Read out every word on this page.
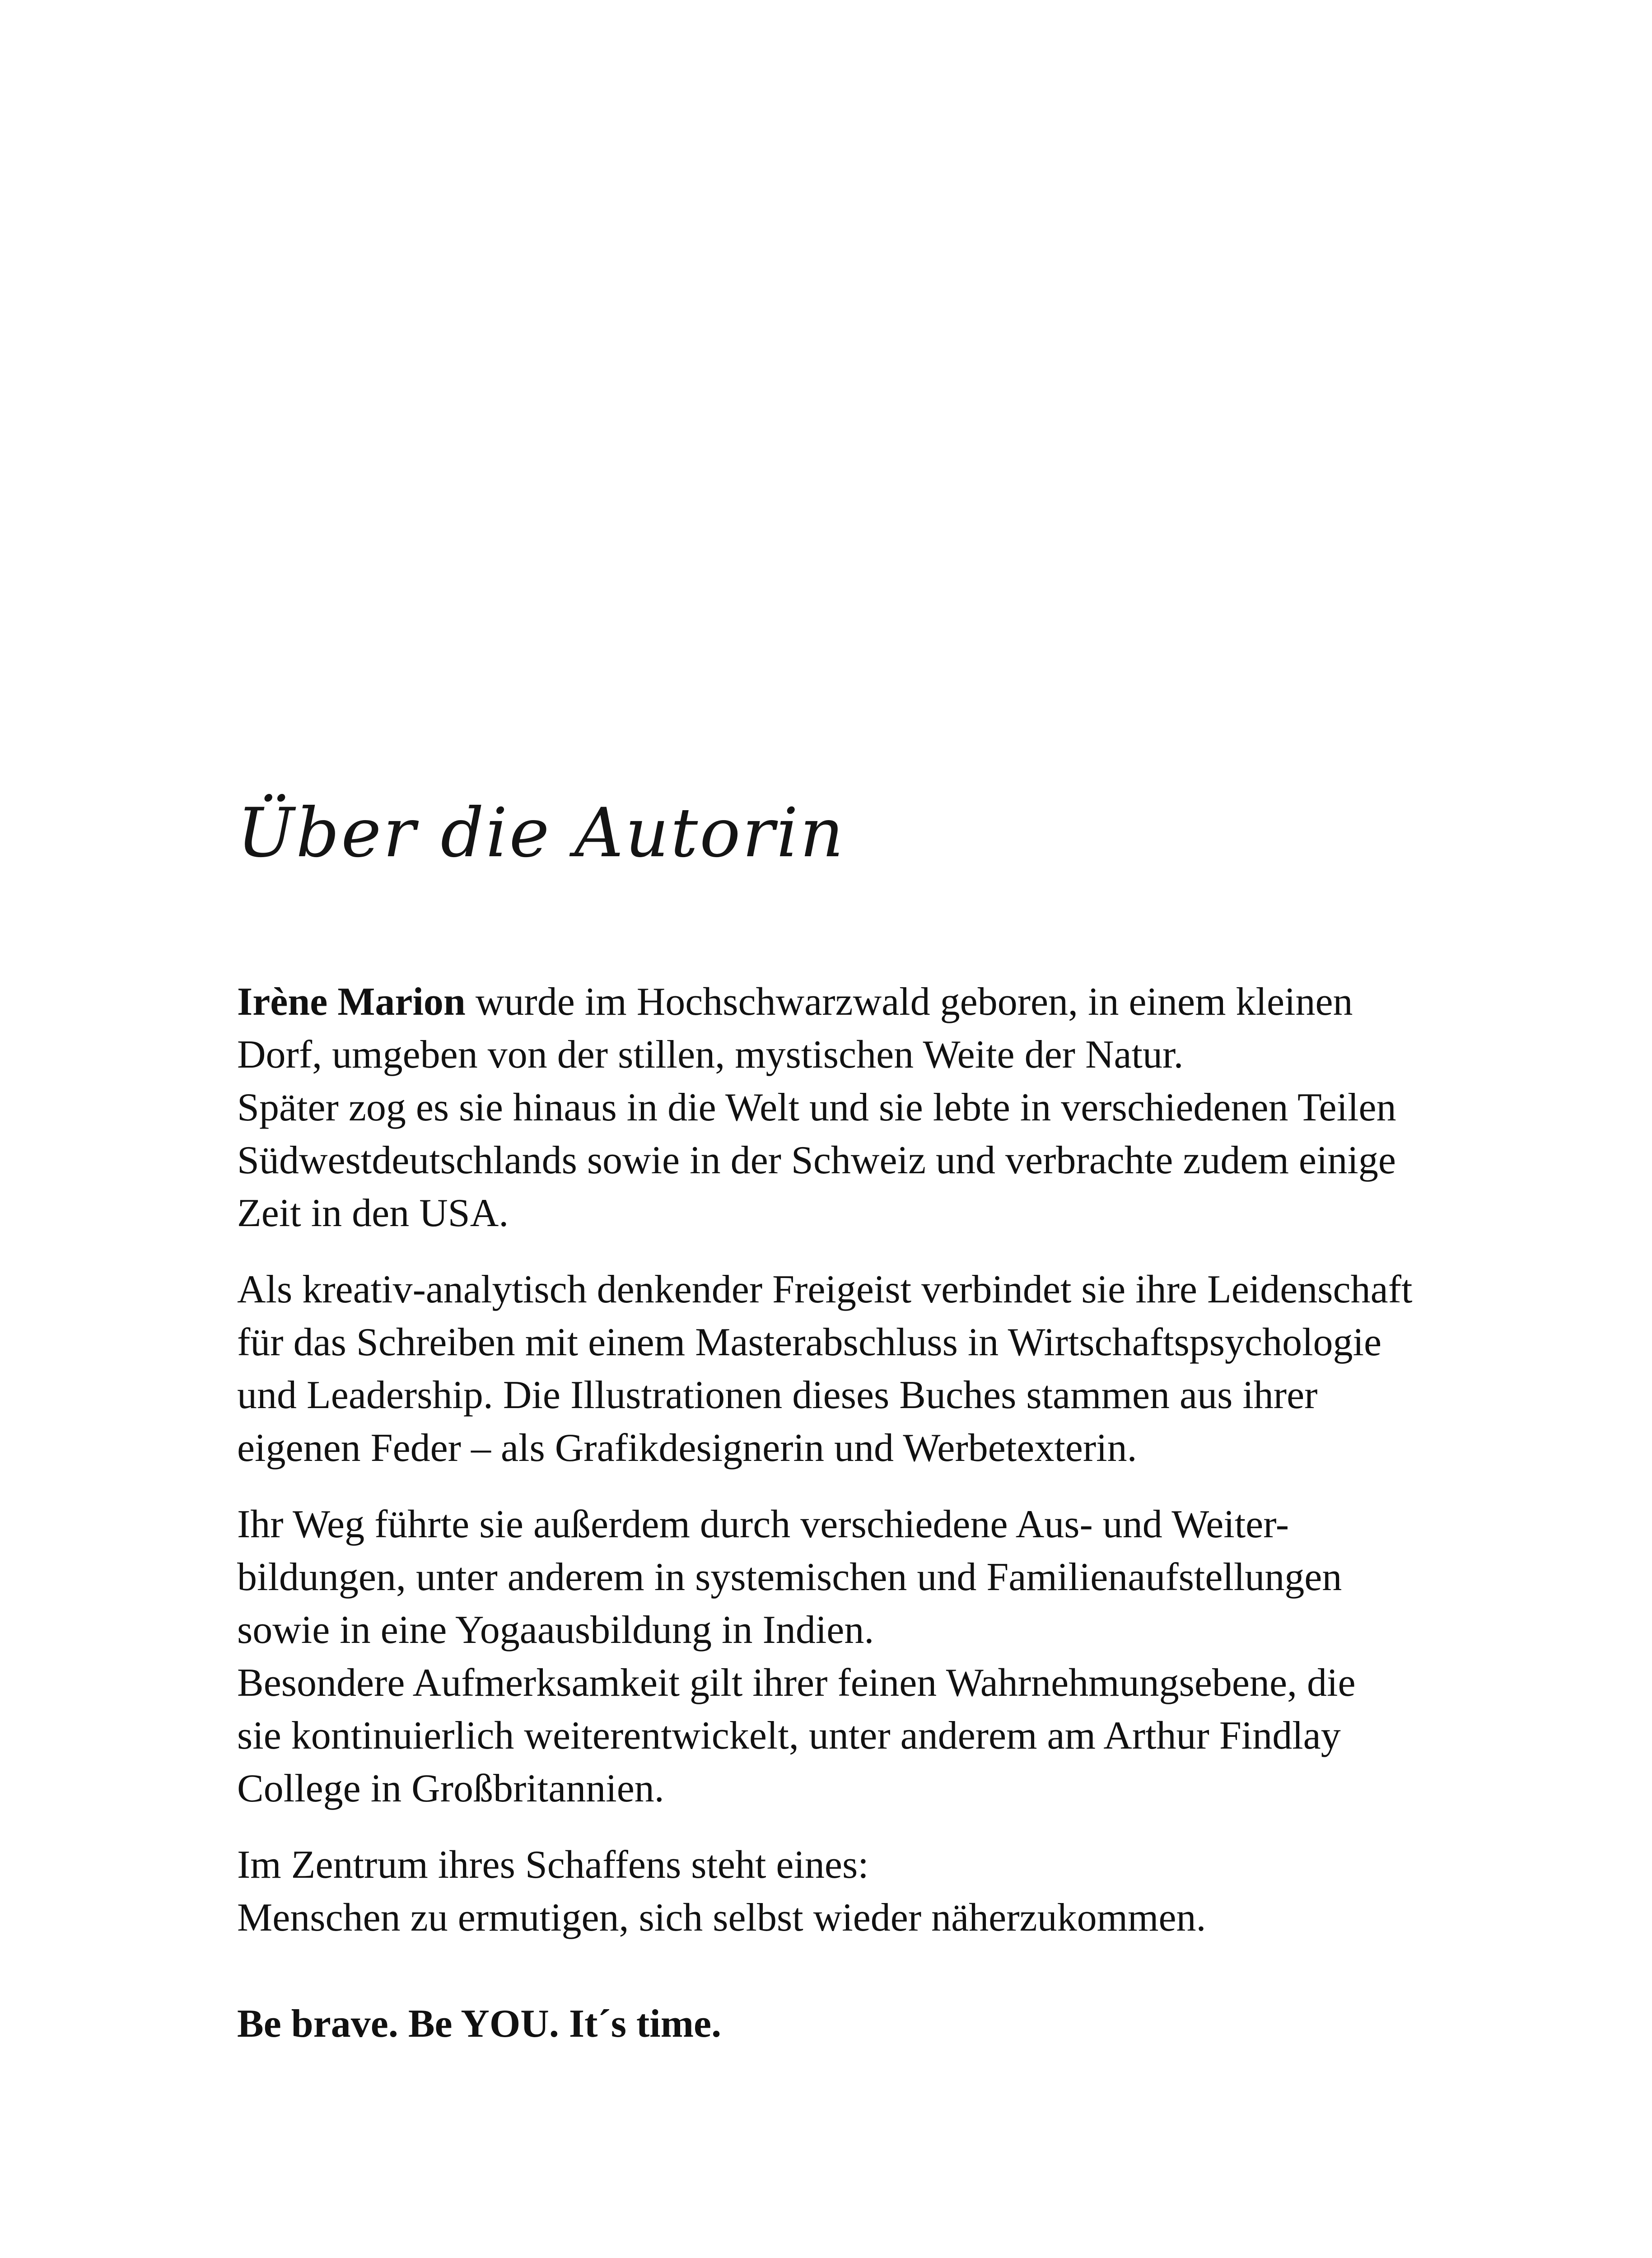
Über die Autorin

Irène Marion wurde im Hochschwarzwald geboren, in einem kleinen
Dorf, umgeben von der stillen, mystischen Weite der Natur.
Später zog es sie hinaus in die Welt und sie lebte in verschiedenen Teilen
Südwestdeutschlands sowie in der Schweiz und verbrachte zudem einige
Zeit in den USA.

Als kreativ-analytisch denkender Freigeist verbindet sie ihre Leidenschaft
für das Schreiben mit einem Masterabschluss in Wirtschaftspsychologie
und Leadership. Die Illustrationen dieses Buches stammen aus ihrer
eigenen Feder – als Grafikdesignerin und Werbetexterin.

Ihr Weg führte sie außerdem durch verschiedene Aus- und Weiter-
bildungen, unter anderem in systemischen und Familienaufstellungen
sowie in eine Yogaausbildung in Indien.
Besondere Aufmerksamkeit gilt ihrer feinen Wahrnehmungsebene, die
sie kontinuierlich weiterentwickelt, unter anderem am Arthur Findlay
College in Großbritannien.

Im Zentrum ihres Schaffens steht eines:
Menschen zu ermutigen, sich selbst wieder näherzukommen.

Be brave. Be YOU. It´s time.
